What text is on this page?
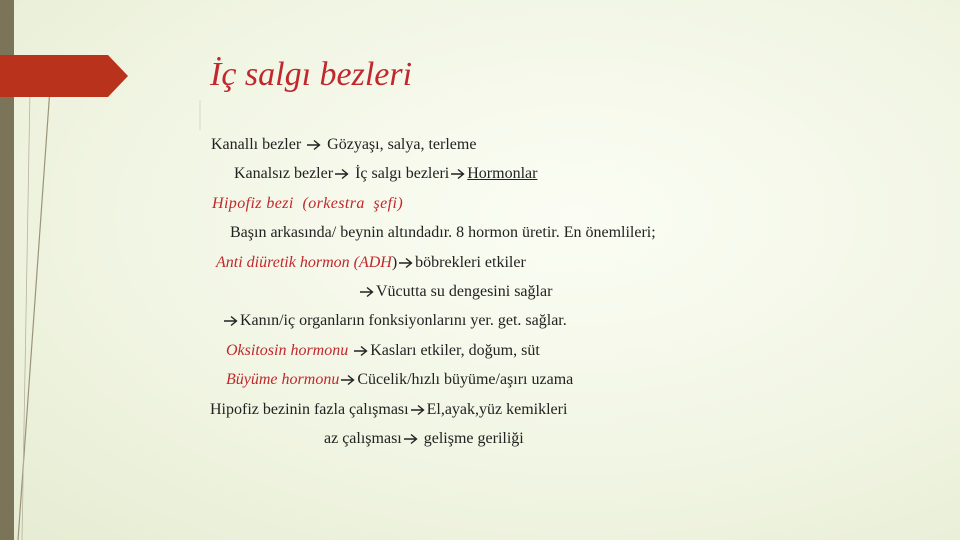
İç salgı bezleri

Kanallı bezler Gözyaşı, salya, terleme

Kanalsız bezler İç salgı bezleri Hormonlar

Hipofiz bezi  (orkestra  şefi)

Başın arkasında/ beynin altındadır. 8 hormon üretir. En önemlileri;

Anti diüretik hormon (ADH ) böbrekleri etkiler

Vücutta su dengesini sağlar

Kanın/iç organların fonksiyonlarını yer. get. sağlar.

Oksitosin hormonu Kasları etkiler, doğum, süt

Büyüme hormonu Cücelik/hızlı büyüme/aşırı uzama

Hipofiz bezinin fazla çalışması El,ayak,yüz kemikleri

az çalışması gelişme geriliği
